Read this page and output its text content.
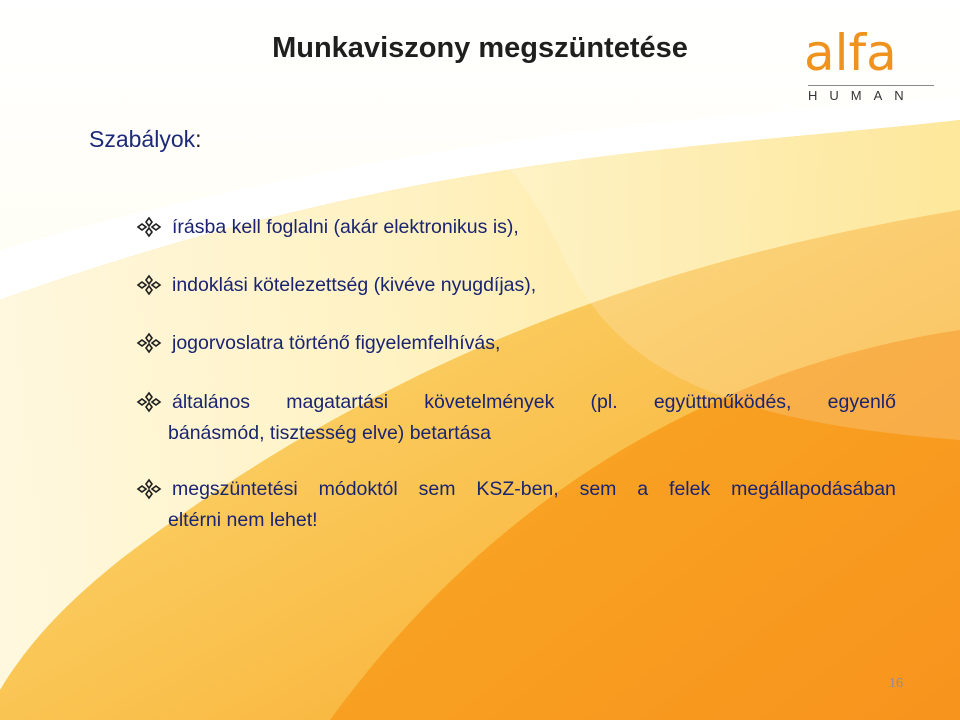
Munkaviszony megszüntetése	alfa
HUMAN
Szabályok:
írásba kell foglalni (akár elektronikus is),
indoklási kötelezettség (kivéve nyugdíjas),
jogorvoslatra történő figyelemfelhívás,
általános magatartási követelmények (pl. együttműködés, egyenlő
bánásmód, tisztesség elve) betartása
megszüntetési módoktól sem KSZ-ben, sem a felek megállapodásában
eltérni nem lehet!
16
